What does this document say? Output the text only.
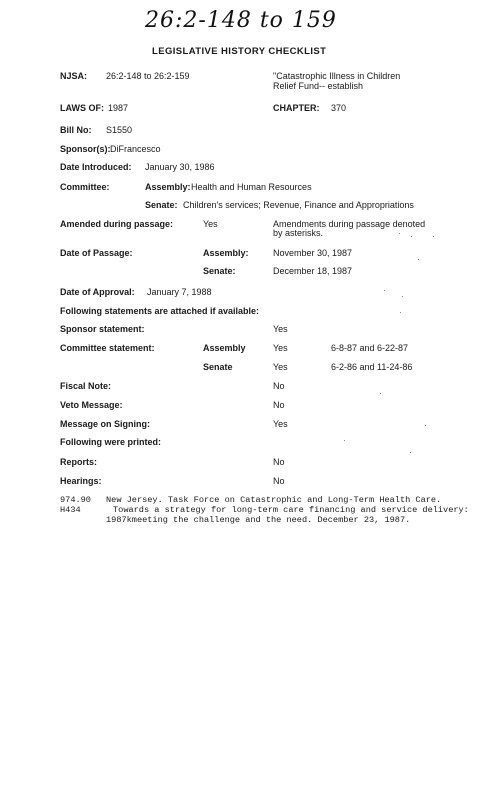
26:2-148 to 159
LEGISLATIVE HISTORY CHECKLIST
NJSA: 26:2-148 to 26:2-159	"Catastrophic Illness in Children
Relief Fund-- establish
LAWS OF: 1987	CHAPTER: 370
Bill No: S1550
Sponsor(s): DiFrancesco
Date Introduced: January 30, 1986
Committee:	Assembly: Health and Human Resources
Senate: Children's services; Revenue, Finance and Appropriations
Amended during passage:	Yes	Amendments during passage denoted
by asterisks.
Date of Passage:	Assembly:	November 30, 1987
Senate:	December 18, 1987
Date of Approval: January 7, 1988
Following statements are attached if available:
Sponsor statement:	Yes
Committee statement:	Assembly	Yes	6-8-87 and 6-22-87
Senate	Yes	6-2-86 and 11-24-86
Fiscal Note:	No
Veto Message:	No
Message on Signing:	Yes
Following were printed:
Reports:	No
Hearings:	No
974.90
H434
New Jersey. Task Force on Catastrophic and Long-Term Health Care.
Towards a strategy for long-term care financing and service delivery:
1987kmeeting the challenge and the need. December 23, 1987.
